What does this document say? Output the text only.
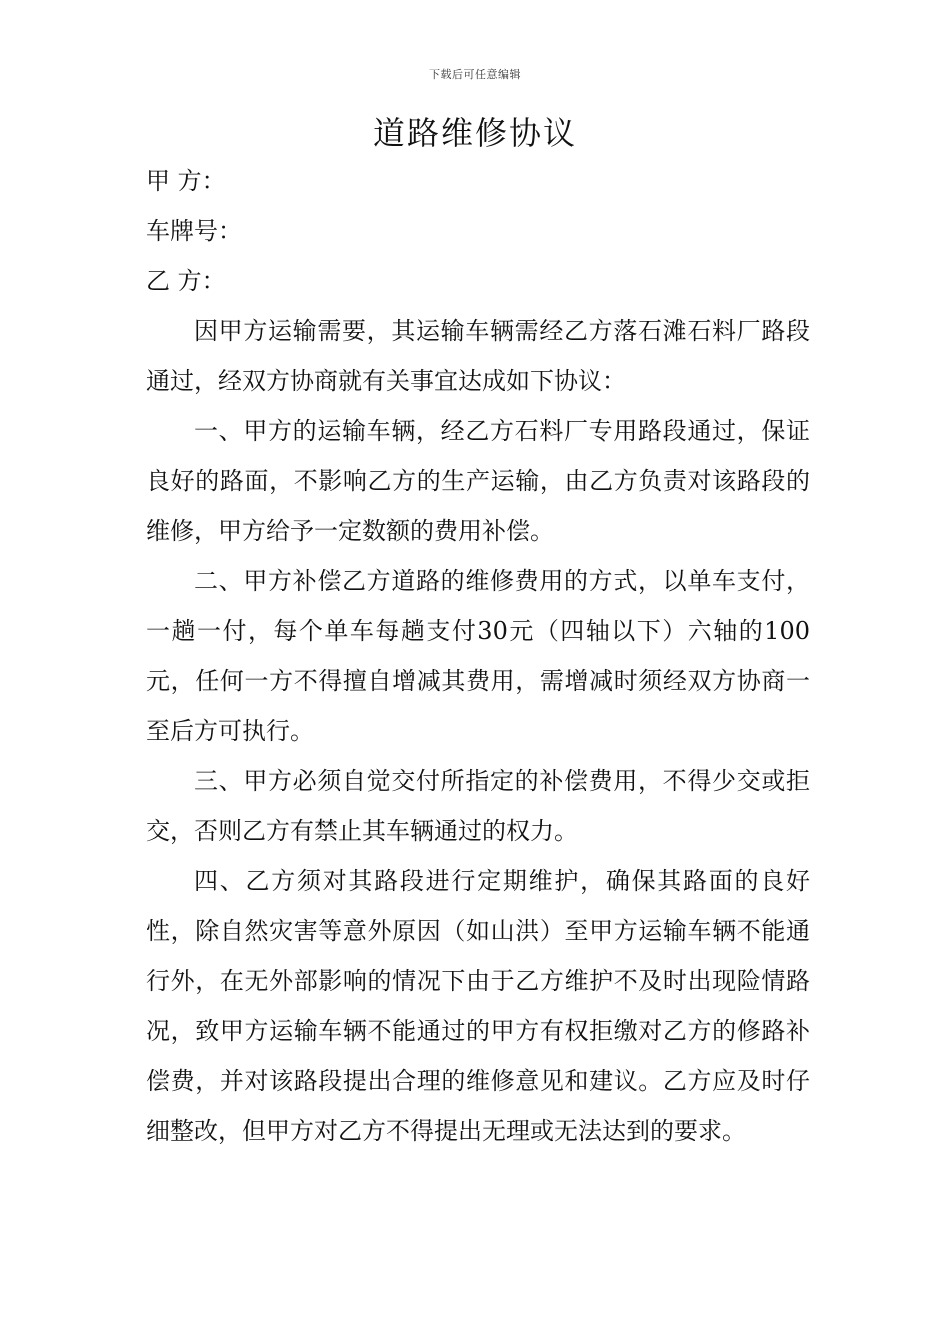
下载后可任意编辑
道路维修协议
甲 方：
车牌号：
乙 方：

因甲方运输需要，其运输车辆需经乙方落石滩石料厂路段通过，经双方协商就有关事宜达成如下协议：

一、甲方的运输车辆，经乙方石料厂专用路段通过，保证良好的路面，不影响乙方的生产运输，由乙方负责对该路段的维修，甲方给予一定数额的费用补偿。

二、甲方补偿乙方道路的维修费用的方式，以单车支付，一趟一付，每个单车每趟支付30元（四轴以下）六轴的100元，任何一方不得擅自增减其费用，需增减时须经双方协商一至后方可执行。

三、甲方必须自觉交付所指定的补偿费用，不得少交或拒交，否则乙方有禁止其车辆通过的权力。

四、乙方须对其路段进行定期维护，确保其路面的良好性，除自然灾害等意外原因（如山洪）至甲方运输车辆不能通行外，在无外部影响的情况下由于乙方维护不及时出现险情路况，致甲方运输车辆不能通过的甲方有权拒缴对乙方的修路补偿费，并对该路段提出合理的维修意见和建议。乙方应及时仔细整改，但甲方对乙方不得提出无理或无法达到的要求。
